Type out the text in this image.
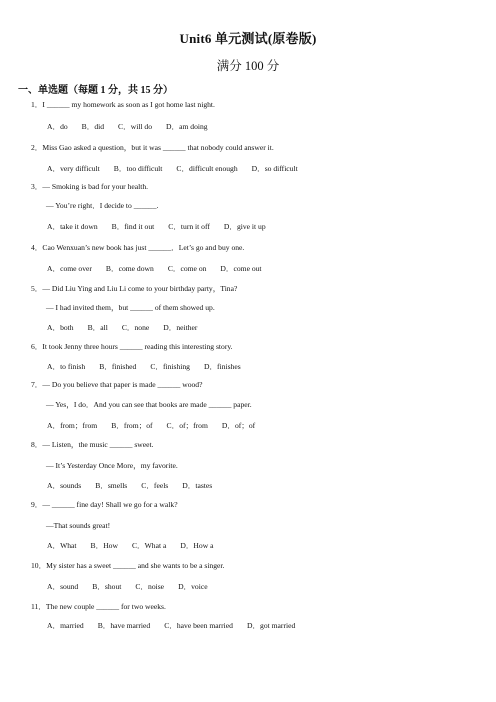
Unit6 单元测试(原卷版)
满分 100 分
一、单选题（每题 1 分，共 15 分）
1．I ______ my homework as soon as I got home last night.
A．do B．did C．will do D．am doing
2．Miss Gao asked a question，but it was ______ that nobody could answer it.
A．very difficult B．too difficult C．difficult enough D．so difficult
3．— Smoking is bad for your health.
— You’re right．I decide to ______.
A．take it down B．find it out C．turn it off D．give it up
4．Cao Wenxuan’s new book has just ______．Let’s go and buy one.
A．come over B．come down C．come on D．come out
5．— Did Liu Ying and Liu Li come to your birthday party，Tina?
— I had invited them，but ______ of them showed up.
A．both B．all C．none D．neither
6．It took Jenny three hours ______ reading this interesting story.
A．to finish B．finished C．finishing D．finishes
7．— Do you believe that paper is made ______ wood?
— Yes，I do．And you can see that books are made ______ paper.
A．from；from B．from；of C．of；from D．of；of
8．— Listen，the music ______ sweet.
— It’s Yesterday Once More，my favorite.
A．sounds B．smells C．feels D．tastes
9．— ______ fine day! Shall we go for a walk?
—That sounds great!
A．What B．How C．What a D．How a
10．My sister has a sweet ______ and she wants to be a singer.
A．sound B．shout C．noise D．voice
11．The new couple ______ for two weeks.
A．married B．have married C．have been married D．got married
